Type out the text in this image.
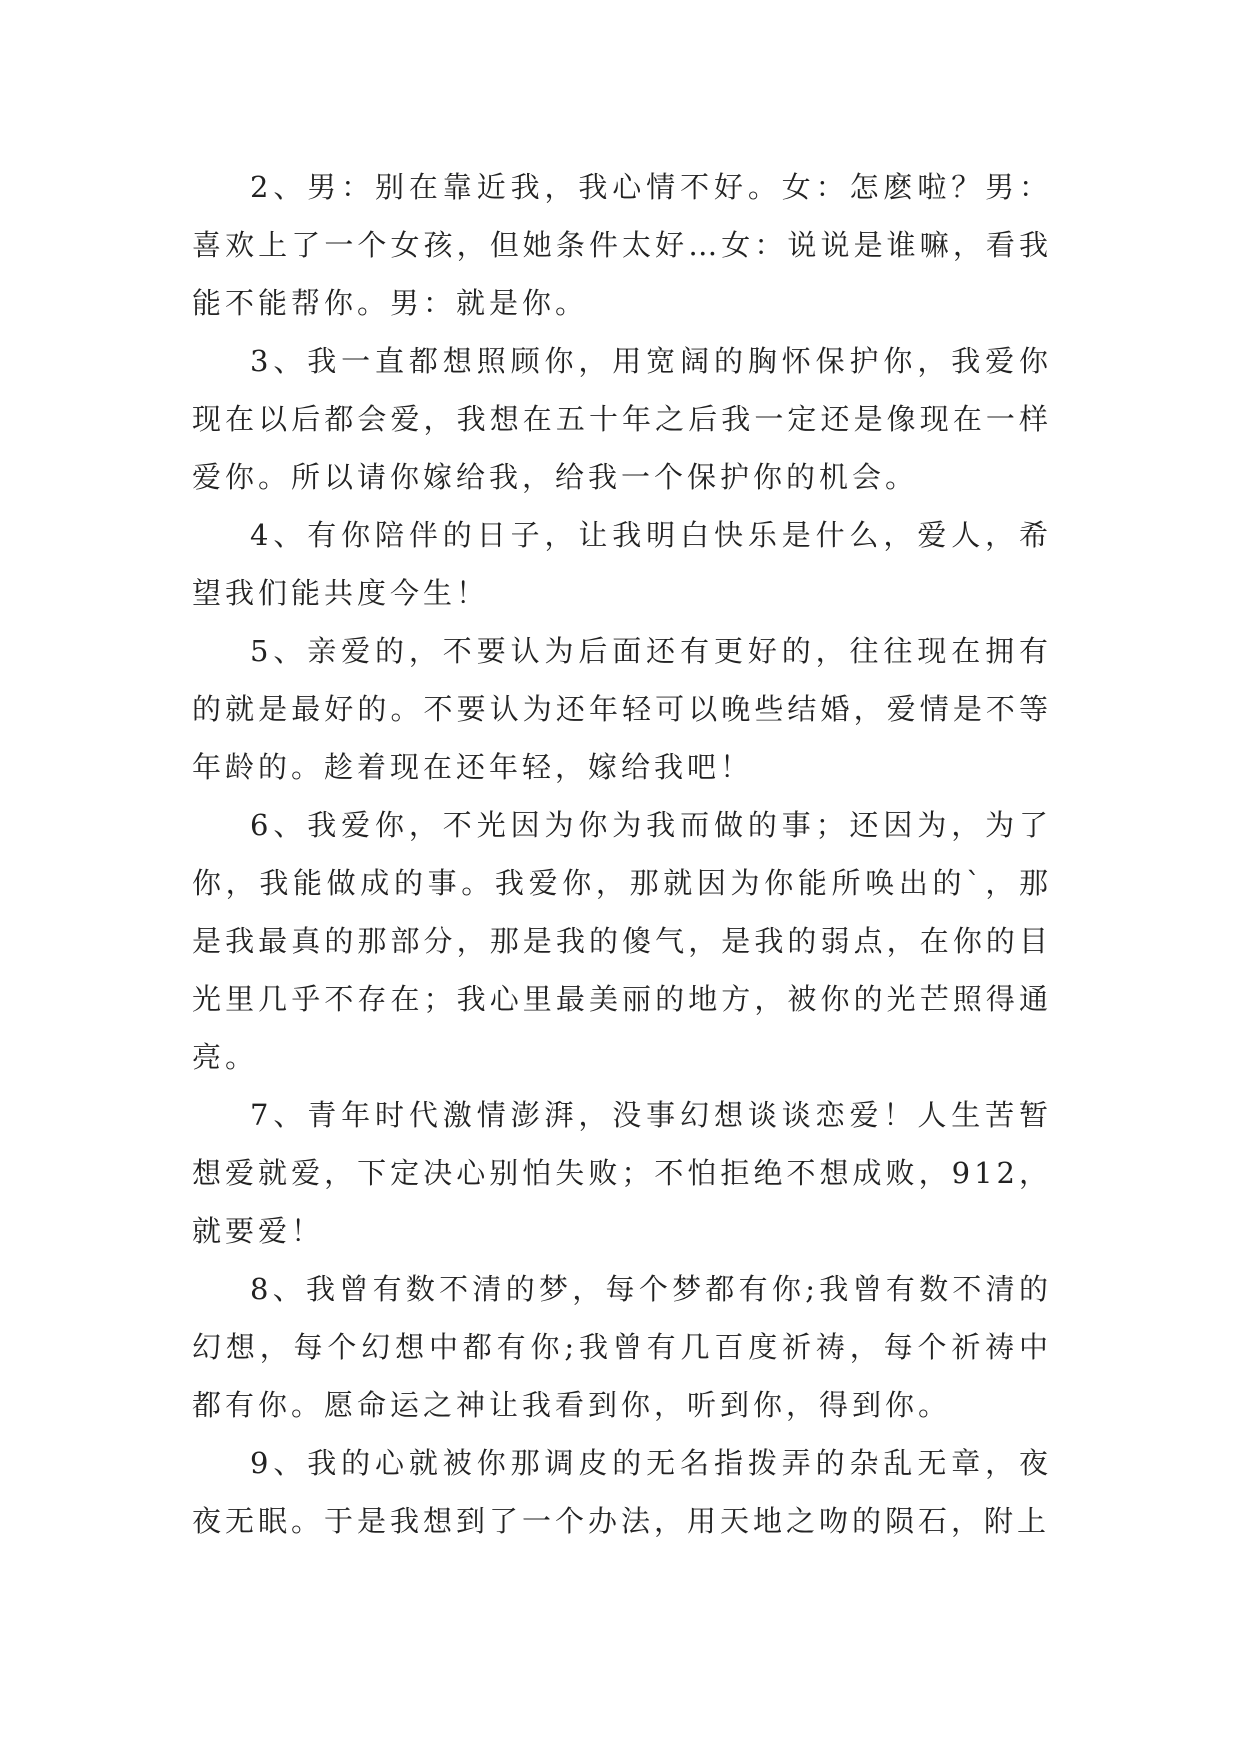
2、男：别在靠近我，我心情不好。女：怎麽啦？男：喜欢上了一个女孩，但她条件太好…女：说说是谁嘛，看我能不能帮你。男：就是你。

3、我一直都想照顾你，用宽阔的胸怀保护你，我爱你现在以后都会爱，我想在五十年之后我一定还是像现在一样爱你。所以请你嫁给我，给我一个保护你的机会。

4、有你陪伴的日子，让我明白快乐是什么，爱人，希望我们能共度今生！

5、亲爱的，不要认为后面还有更好的，往往现在拥有的就是最好的。不要认为还年轻可以晚些结婚，爱情是不等年龄的。趁着现在还年轻，嫁给我吧！

6、我爱你，不光因为你为我而做的事；还因为，为了你，我能做成的事。我爱你，那就因为你能所唤出的`，那是我最真的那部分，那是我的傻气，是我的弱点，在你的目光里几乎不存在；我心里最美丽的地方，被你的光芒照得通亮。

7、青年时代激情澎湃，没事幻想谈谈恋爱！人生苦暂想爱就爱，下定决心别怕失败；不怕拒绝不想成败，912，就要爱！

8、我曾有数不清的梦，每个梦都有你;我曾有数不清的幻想，每个幻想中都有你;我曾有几百度祈祷，每个祈祷中都有你。愿命运之神让我看到你，听到你，得到你。

9、我的心就被你那调皮的无名指拨弄的杂乱无章，夜夜无眠。于是我想到了一个办法，用天地之吻的陨石，附上
